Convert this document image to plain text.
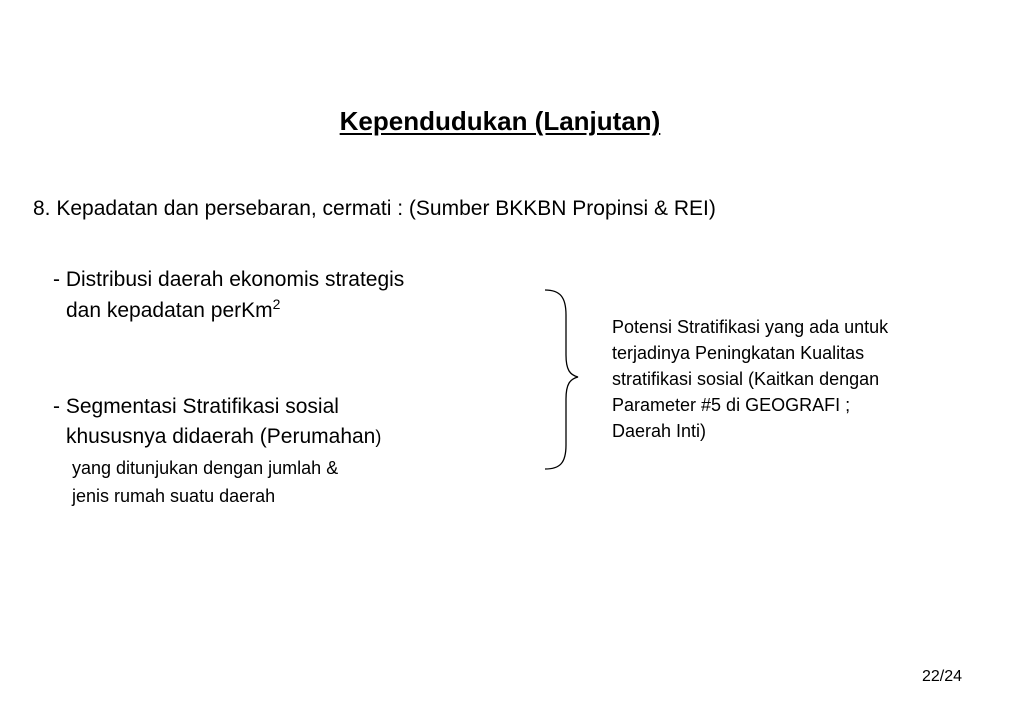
Kependudukan (Lanjutan)
8. Kepadatan dan persebaran, cermati : (Sumber BKKBN Propinsi & REI)
- Distribusi daerah ekonomis strategis
dan kepadatan perKm$^2$
- Segmentasi Stratifikasi sosial
khususnya didaerah (Perumahan)
yang ditunjukan dengan jumlah &
jenis rumah suatu daerah
Potensi Stratifikasi yang ada untuk
terjadinya Peningkatan Kualitas
stratifikasi sosial (Kaitkan dengan
Parameter #5 di GEOGRAFI ;
Daerah Inti)
22/24
